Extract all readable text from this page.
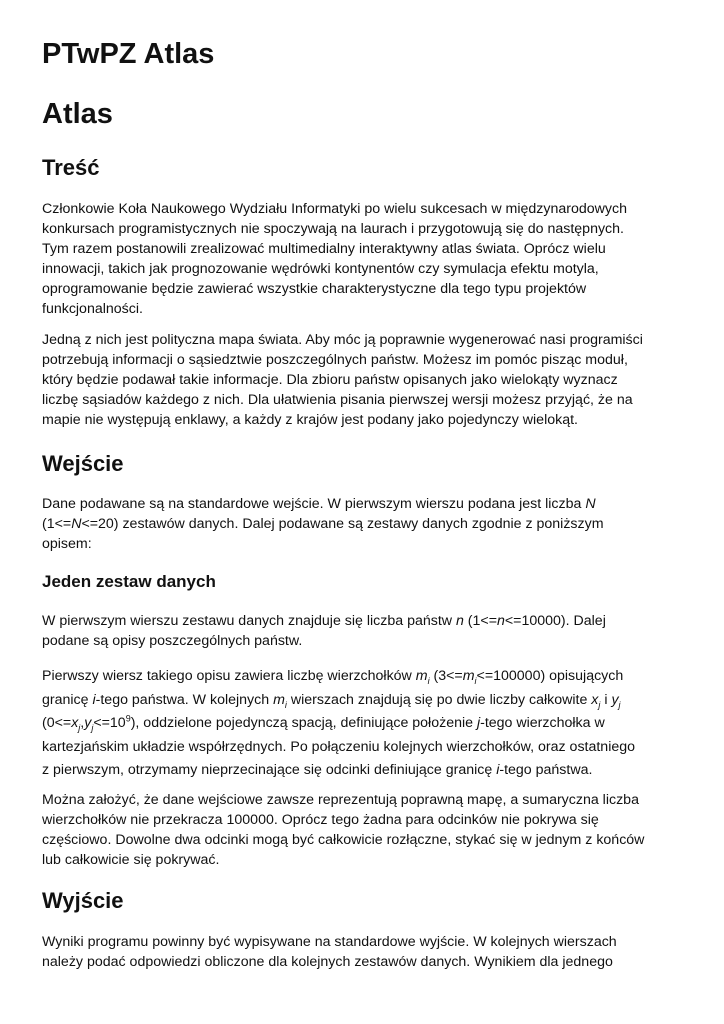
PTwPZ Atlas
Atlas
Treść
Członkowie Koła Naukowego Wydziału Informatyki po wielu sukcesach w międzynarodowych
konkursach programistycznych nie spoczywają na laurach i przygotowują się do następnych.
Tym razem postanowili zrealizować multimedialny interaktywny atlas świata. Oprócz wielu
innowacji, takich jak prognozowanie wędrówki kontynentów czy symulacja efektu motyla,
oprogramowanie będzie zawierać wszystkie charakterystyczne dla tego typu projektów
funkcjonalności.
Jedną z nich jest polityczna mapa świata. Aby móc ją poprawnie wygenerować nasi programiści
potrzebują informacji o sąsiedztwie poszczególnych państw. Możesz im pomóc pisząc moduł,
który będzie podawał takie informacje. Dla zbioru państw opisanych jako wielokąty wyznacz
liczbę sąsiadów każdego z nich. Dla ułatwienia pisania pierwszej wersji możesz przyjąć, że na
mapie nie występują enklawy, a każdy z krajów jest podany jako pojedynczy wielokąt.
Wejście
Dane podawane są na standardowe wejście. W pierwszym wierszu podana jest liczba N
(1<=N<=20) zestawów danych. Dalej podawane są zestawy danych zgodnie z poniższym
opisem:
Jeden zestaw danych
W pierwszym wierszu zestawu danych znajduje się liczba państw n (1<=n<=10000). Dalej
podane są opisy poszczególnych państw.
Pierwszy wiersz takiego opisu zawiera liczbę wierzchołków $m_i$ $(3<=m_i<=100000)$ opisujących
granicę i-tego państwa. W kolejnych $m_i$ wierszach znajdują się po dwie liczby całkowite $x_j$ i $y_j$
$(0<=x_j,y_j<=10^9)$, oddzielone pojedynczą spacją, definiujące położenie j-tego wierzchołka w
kartezjańskim układzie współrzędnych. Po połączeniu kolejnych wierzchołków, oraz ostatniego
z pierwszym, otrzymamy nieprzecinające się odcinki definiujące granicę i-tego państwa.
Można założyć, że dane wejściowe zawsze reprezentują poprawną mapę, a sumaryczna liczba
wierzchołków nie przekracza 100000. Oprócz tego żadna para odcinków nie pokrywa się
częściowo. Dowolne dwa odcinki mogą być całkowicie rozłączne, stykać się w jednym z końców
lub całkowicie się pokrywać.
Wyjście
Wyniki programu powinny być wypisywane na standardowe wyjście. W kolejnych wierszach
należy podać odpowiedzi obliczone dla kolejnych zestawów danych. Wynikiem dla jednego
